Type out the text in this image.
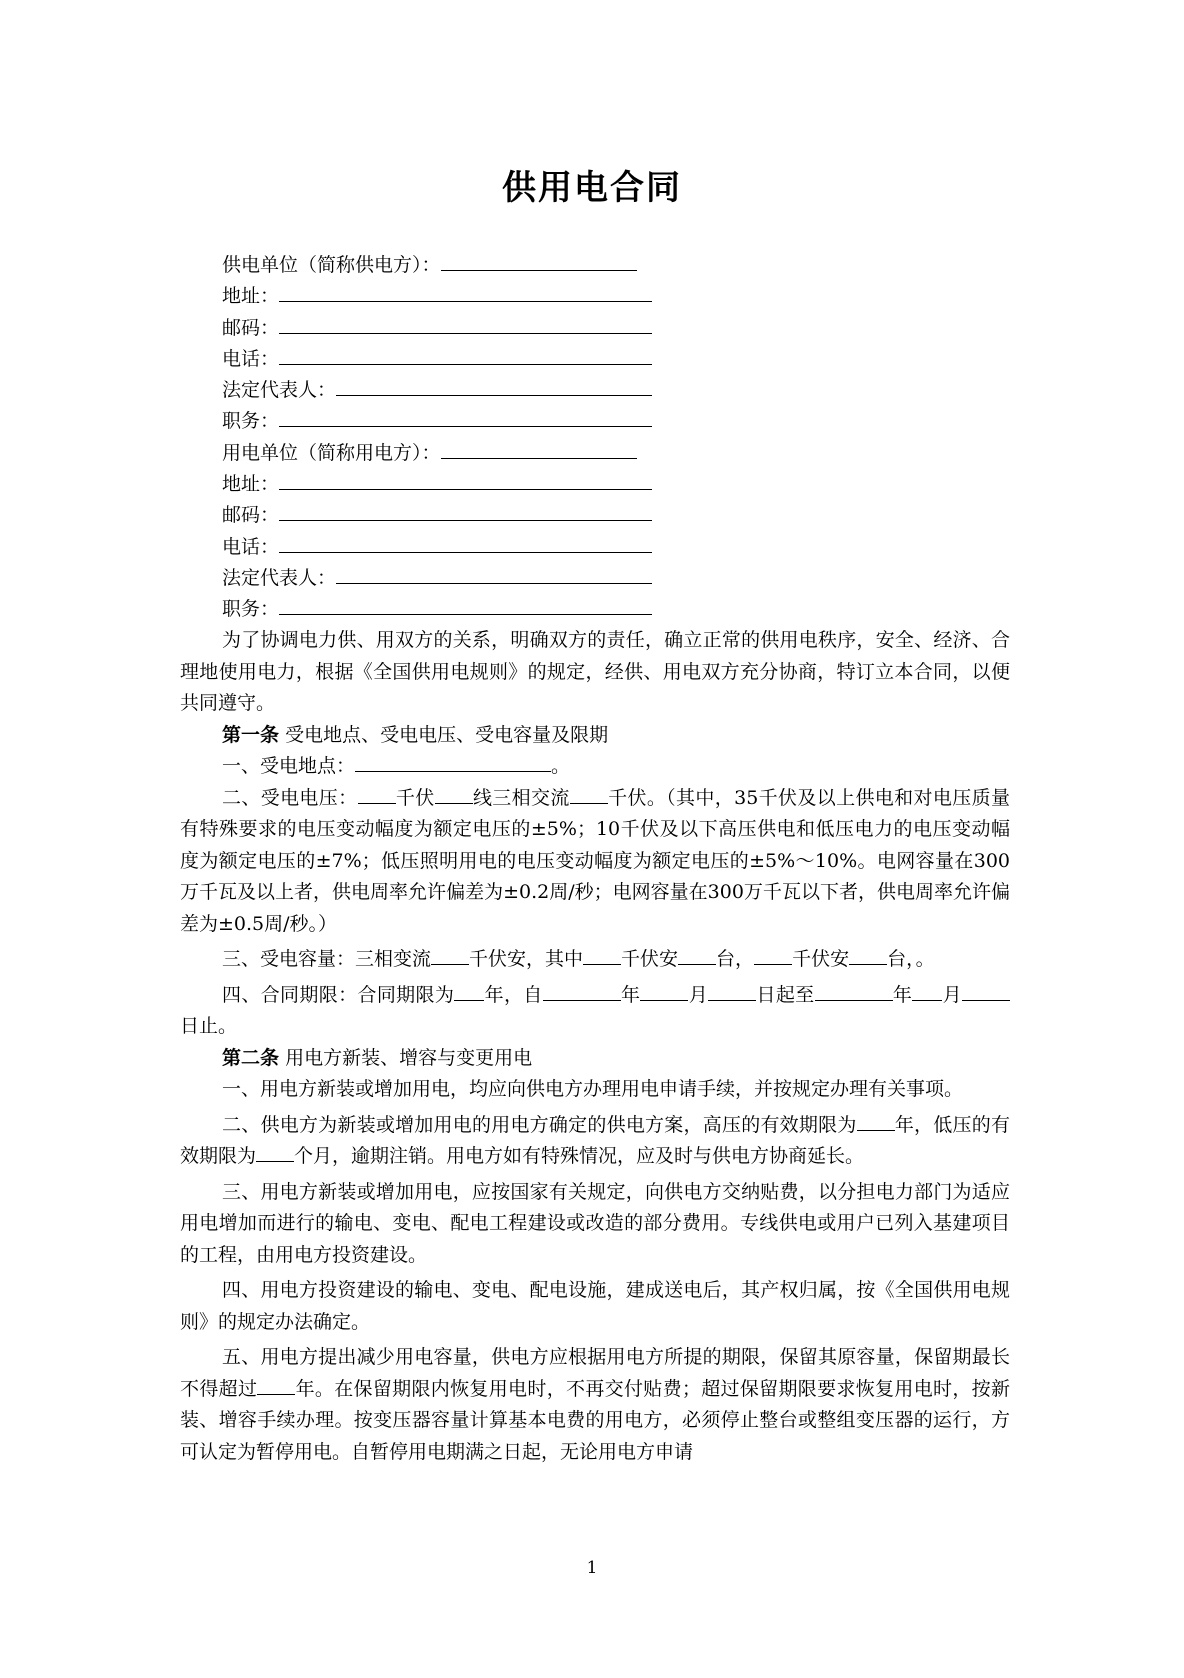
供用电合同
供电单位（简称供电方）：
地址：
邮码：
电话：
法定代表人：
职务：
用电单位（简称用电方）：
地址：
邮码：
电话：
法定代表人：
职务：

为了协调电力供、用双方的关系，明确双方的责任，确立正常的供用电秩序，安全、经济、合理地使用电力，根据《全国供用电规则》的规定，经供、用电双方充分协商，特订立本合同，以便共同遵守。

第一条 受电地点、受电电压、受电容量及限期

一、受电地点：	。

二、受电电压： 千伏 线三相交流 千伏。（其中，35千伏及以上供电和对电压质量有特殊要求的电压变动幅度为额定电压的±5%；10千伏及以下高压供电和低压电力的电压变动幅度为额定电压的±7%；低压照明用电的电压变动幅度为额定电压的±5%～10%。电网容量在300万千瓦及以上者，供电周率允许偏差为±0.2周/秒；电网容量在300万千瓦以下者，供电周率允许偏差为±0.5周/秒。）

三、受电容量：三相变流 千伏安，其中 千伏安 台， 千伏安 台，。

四、合同期限：合同期限为 年，自	年	月	日起至	年 月日止。

第二条 用电方新装、增容与变更用电

一、用电方新装或增加用电，均应向供电方办理用电申请手续，并按规定办理有关事项。

二、供电方为新装或增加用电的用电方确定的供电方案，高压的有效期限为 年，低压的有效期限为 个月，逾期注销。用电方如有特殊情况，应及时与供电方协商延长。

三、用电方新装或增加用电，应按国家有关规定，向供电方交纳贴费，以分担电力部门为适应用电增加而进行的输电、变电、配电工程建设或改造的部分费用。专线供电或用户已列入基建项目的工程，由用电方投资建设。

四、用电方投资建设的输电、变电、配电设施，建成送电后，其产权归属，按《全国供用电规则》的规定办法确定。

五、用电方提出减少用电容量，供电方应根据用电方所提的期限，保留其原容量，保留期最长不得超过 年。在保留期限内恢复用电时，不再交付贴费；超过保留期限要求恢复用电时，按新装、增容手续办理。按变压器容量计算基本电费的用电方，必须停止整台或整组变压器的运行，方可认定为暂停用电。自暂停用电期满之日起，无论用电方申请

1
